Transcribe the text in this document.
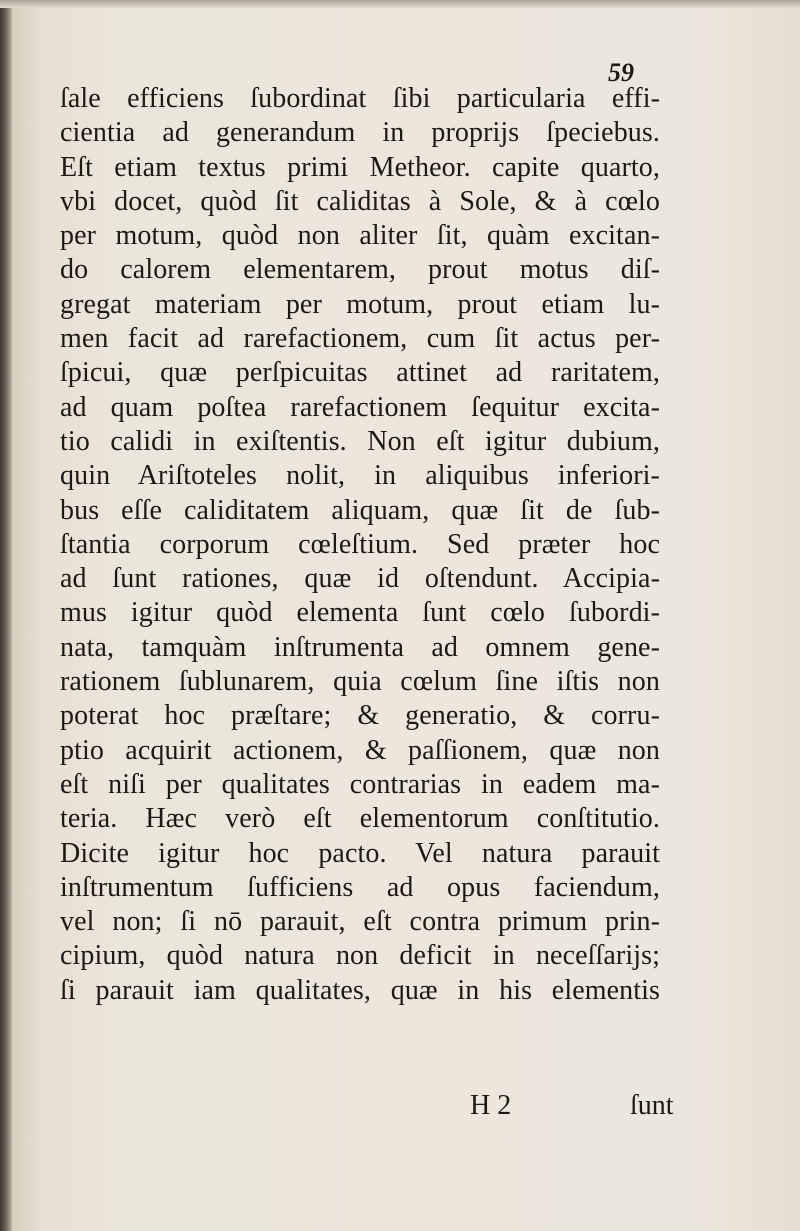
59
ſale efficiens ſubordinat ſibi particularia effi-
cientia ad generandum in proprijs ſpeciebus.
Eſt etiam textus primi Metheor. capite quarto,
vbi docet, quòd ſit caliditas à Sole, & à cœlo
per motum, quòd non aliter ſit, quàm excitan-
do calorem elementarem, prout motus diſ-
gregat materiam per motum, prout etiam lu-
men facit ad rarefactionem, cum ſit actus per-
ſpicui, quæ perſpicuitas attinet ad raritatem,
ad quam poſtea rarefactionem ſequitur excita-
tio calidi in exiſtentis. Non eſt igitur dubium,
quin Ariſtoteles nolit, in aliquibus inferiori-
bus eſſe caliditatem aliquam, quæ ſit de ſub-
ſtantia corporum cœleſtium. Sed præter hoc
ad ſunt rationes, quæ id oſtendunt. Accipia-
mus igitur quòd elementa ſunt cœlo ſubordi-
nata, tamquàm inſtrumenta ad omnem gene-
rationem ſublunarem, quia cœlum ſine iſtis non
poterat hoc præſtare; & generatio, & corru-
ptio acquirit actionem, & paſſionem, quæ non
eſt niſi per qualitates contrarias in eadem ma-
teria. Hæc verò eſt elementorum conſtitutio.
Dicite igitur hoc pacto. Vel natura parauit
inſtrumentum ſufficiens ad opus faciendum,
vel non; ſi nō parauit, eſt contra primum prin-
cipium, quòd natura non deficit in neceſſarijs;
ſi parauit iam qualitates, quæ in his elementis
H 2	ſunt
